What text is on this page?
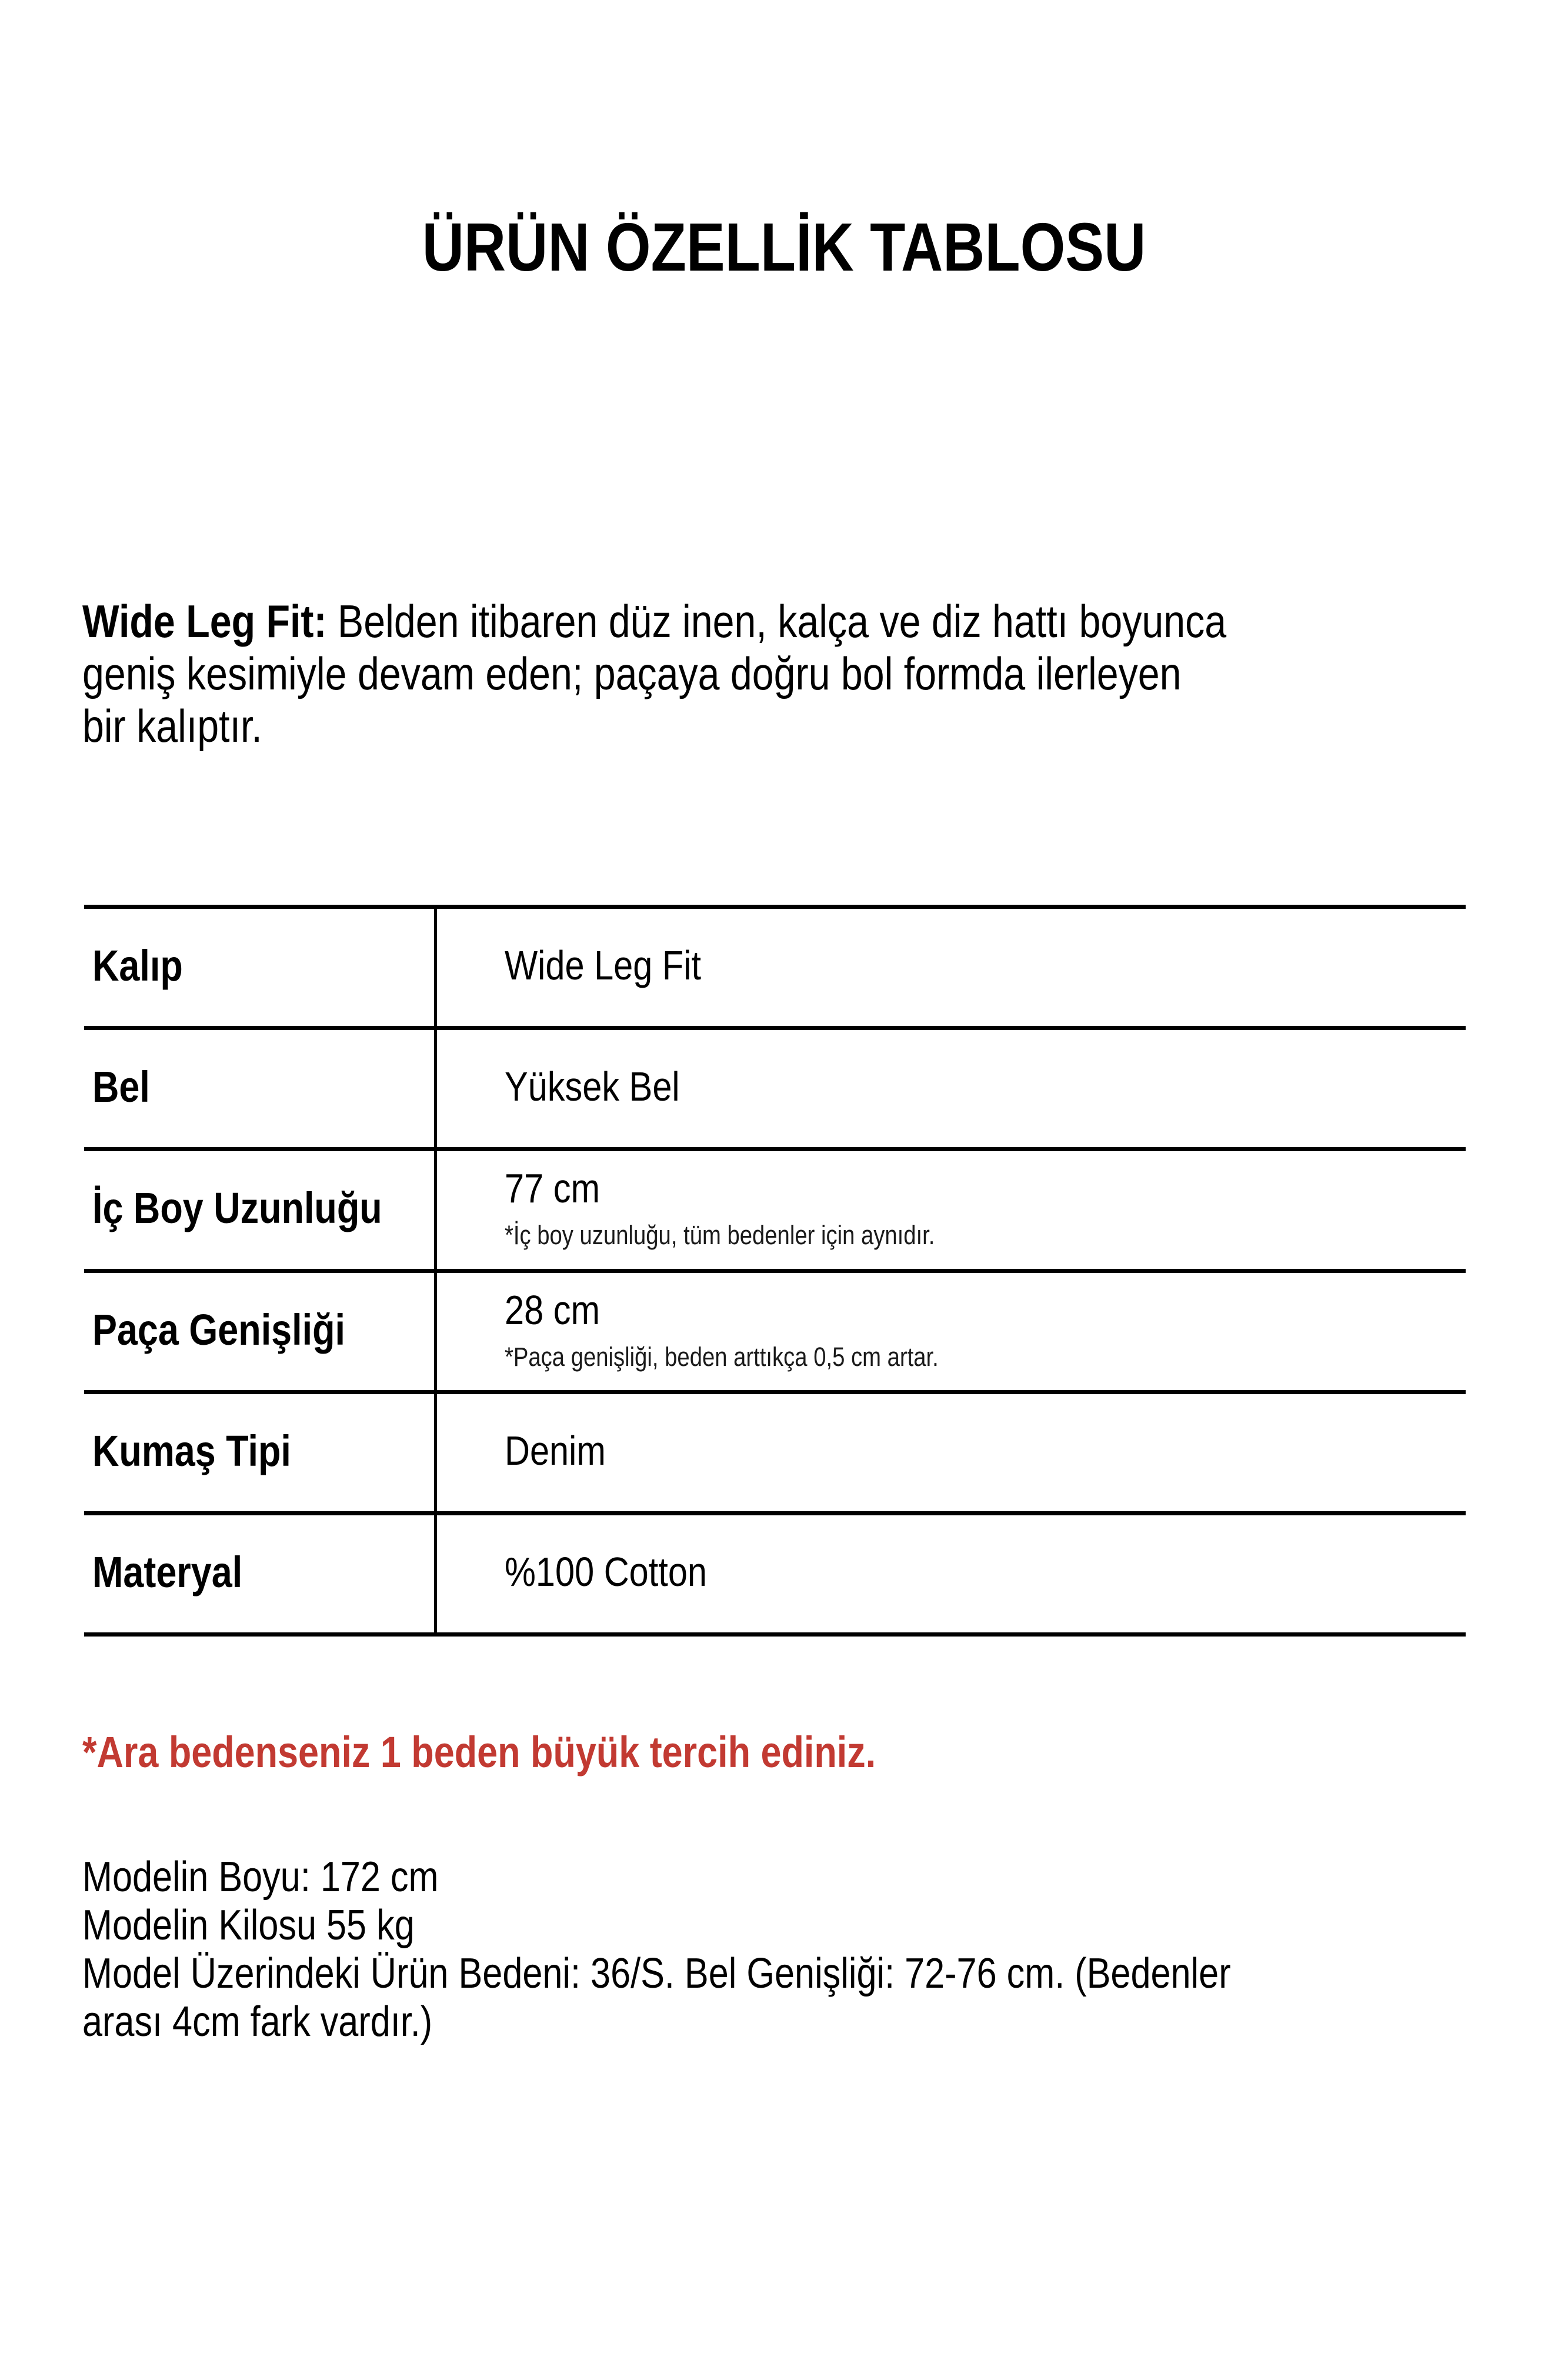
ÜRÜN ÖZELLİK TABLOSU
Wide Leg Fit: Belden itibaren düz inen, kalça ve diz hattı boyunca
geniş kesimiyle devam eden; paçaya doğru bol formda ilerleyen
bir kalıptır.
Kalıp	Wide Leg Fit
Bel	Yüksek Bel
İç Boy Uzunluğu	77 cm
*İç boy uzunluğu, tüm bedenler için aynıdır.
Paça Genişliği	28 cm
*Paça genişliği, beden arttıkça 0,5 cm artar.
Kumaş Tipi	Denim
Materyal	%100 Cotton
*Ara bedenseniz 1 beden büyük tercih ediniz.
Modelin Boyu: 172 cm
Modelin Kilosu 55 kg
Model Üzerindeki Ürün Bedeni: 36/S. Bel Genişliği: 72-76 cm. (Bedenler
arası 4cm fark vardır.)
